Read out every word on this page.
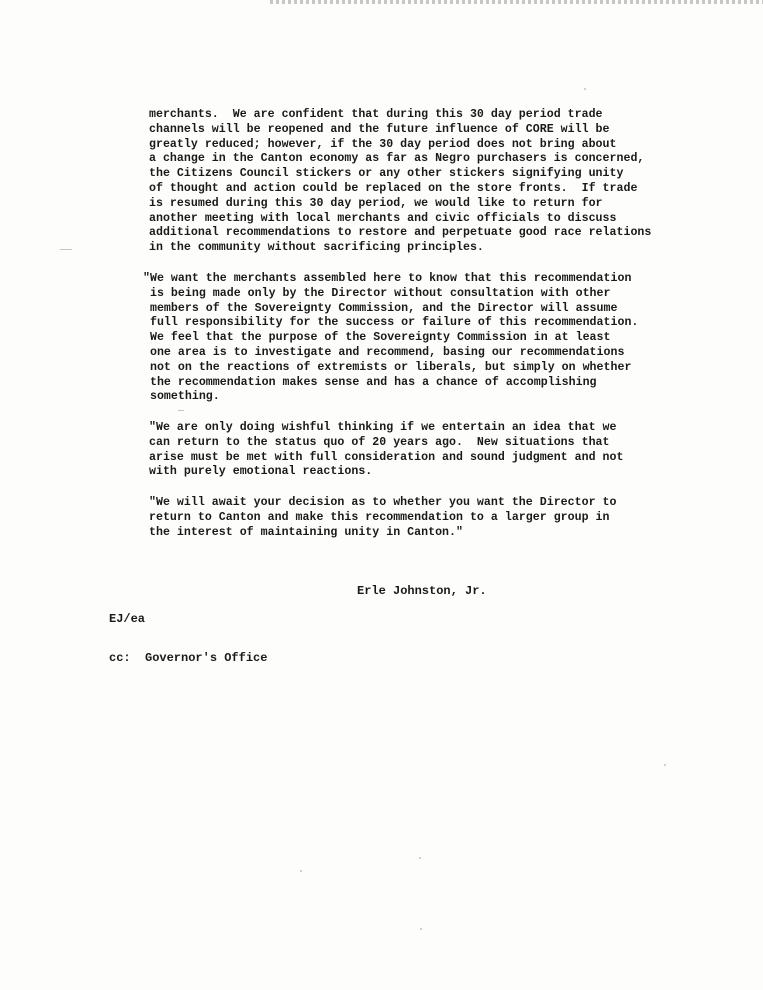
merchants.  We are confident that during this 30 day period trade
channels will be reopened and the future influence of CORE will be
greatly reduced; however, if the 30 day period does not bring about
a change in the Canton economy as far as Negro purchasers is concerned,
the Citizens Council stickers or any other stickers signifying unity
of thought and action could be replaced on the store fronts.  If trade
is resumed during this 30 day period, we would like to return for
another meeting with local merchants and civic officials to discuss
additional recommendations to restore and perpetuate good race relations
in the community without sacrificing principles.

"We want the merchants assembled here to know that this recommendation
is being made only by the Director without consultation with other
members of the Sovereignty Commission, and the Director will assume
full responsibility for the success or failure of this recommendation.
We feel that the purpose of the Sovereignty Commission in at least
one area is to investigate and recommend, basing our recommendations
not on the reactions of extremists or liberals, but simply on whether
the recommendation makes sense and has a chance of accomplishing
something.

"We are only doing wishful thinking if we entertain an idea that we
can return to the status quo of 20 years ago.  New situations that
arise must be met with full consideration and sound judgment and not
with purely emotional reactions.

"We will await your decision as to whether you want the Director to
return to Canton and make this recommendation to a larger group in
the interest of maintaining unity in Canton."

Erle Johnston, Jr.

EJ/ea

cc:  Governor's Office
